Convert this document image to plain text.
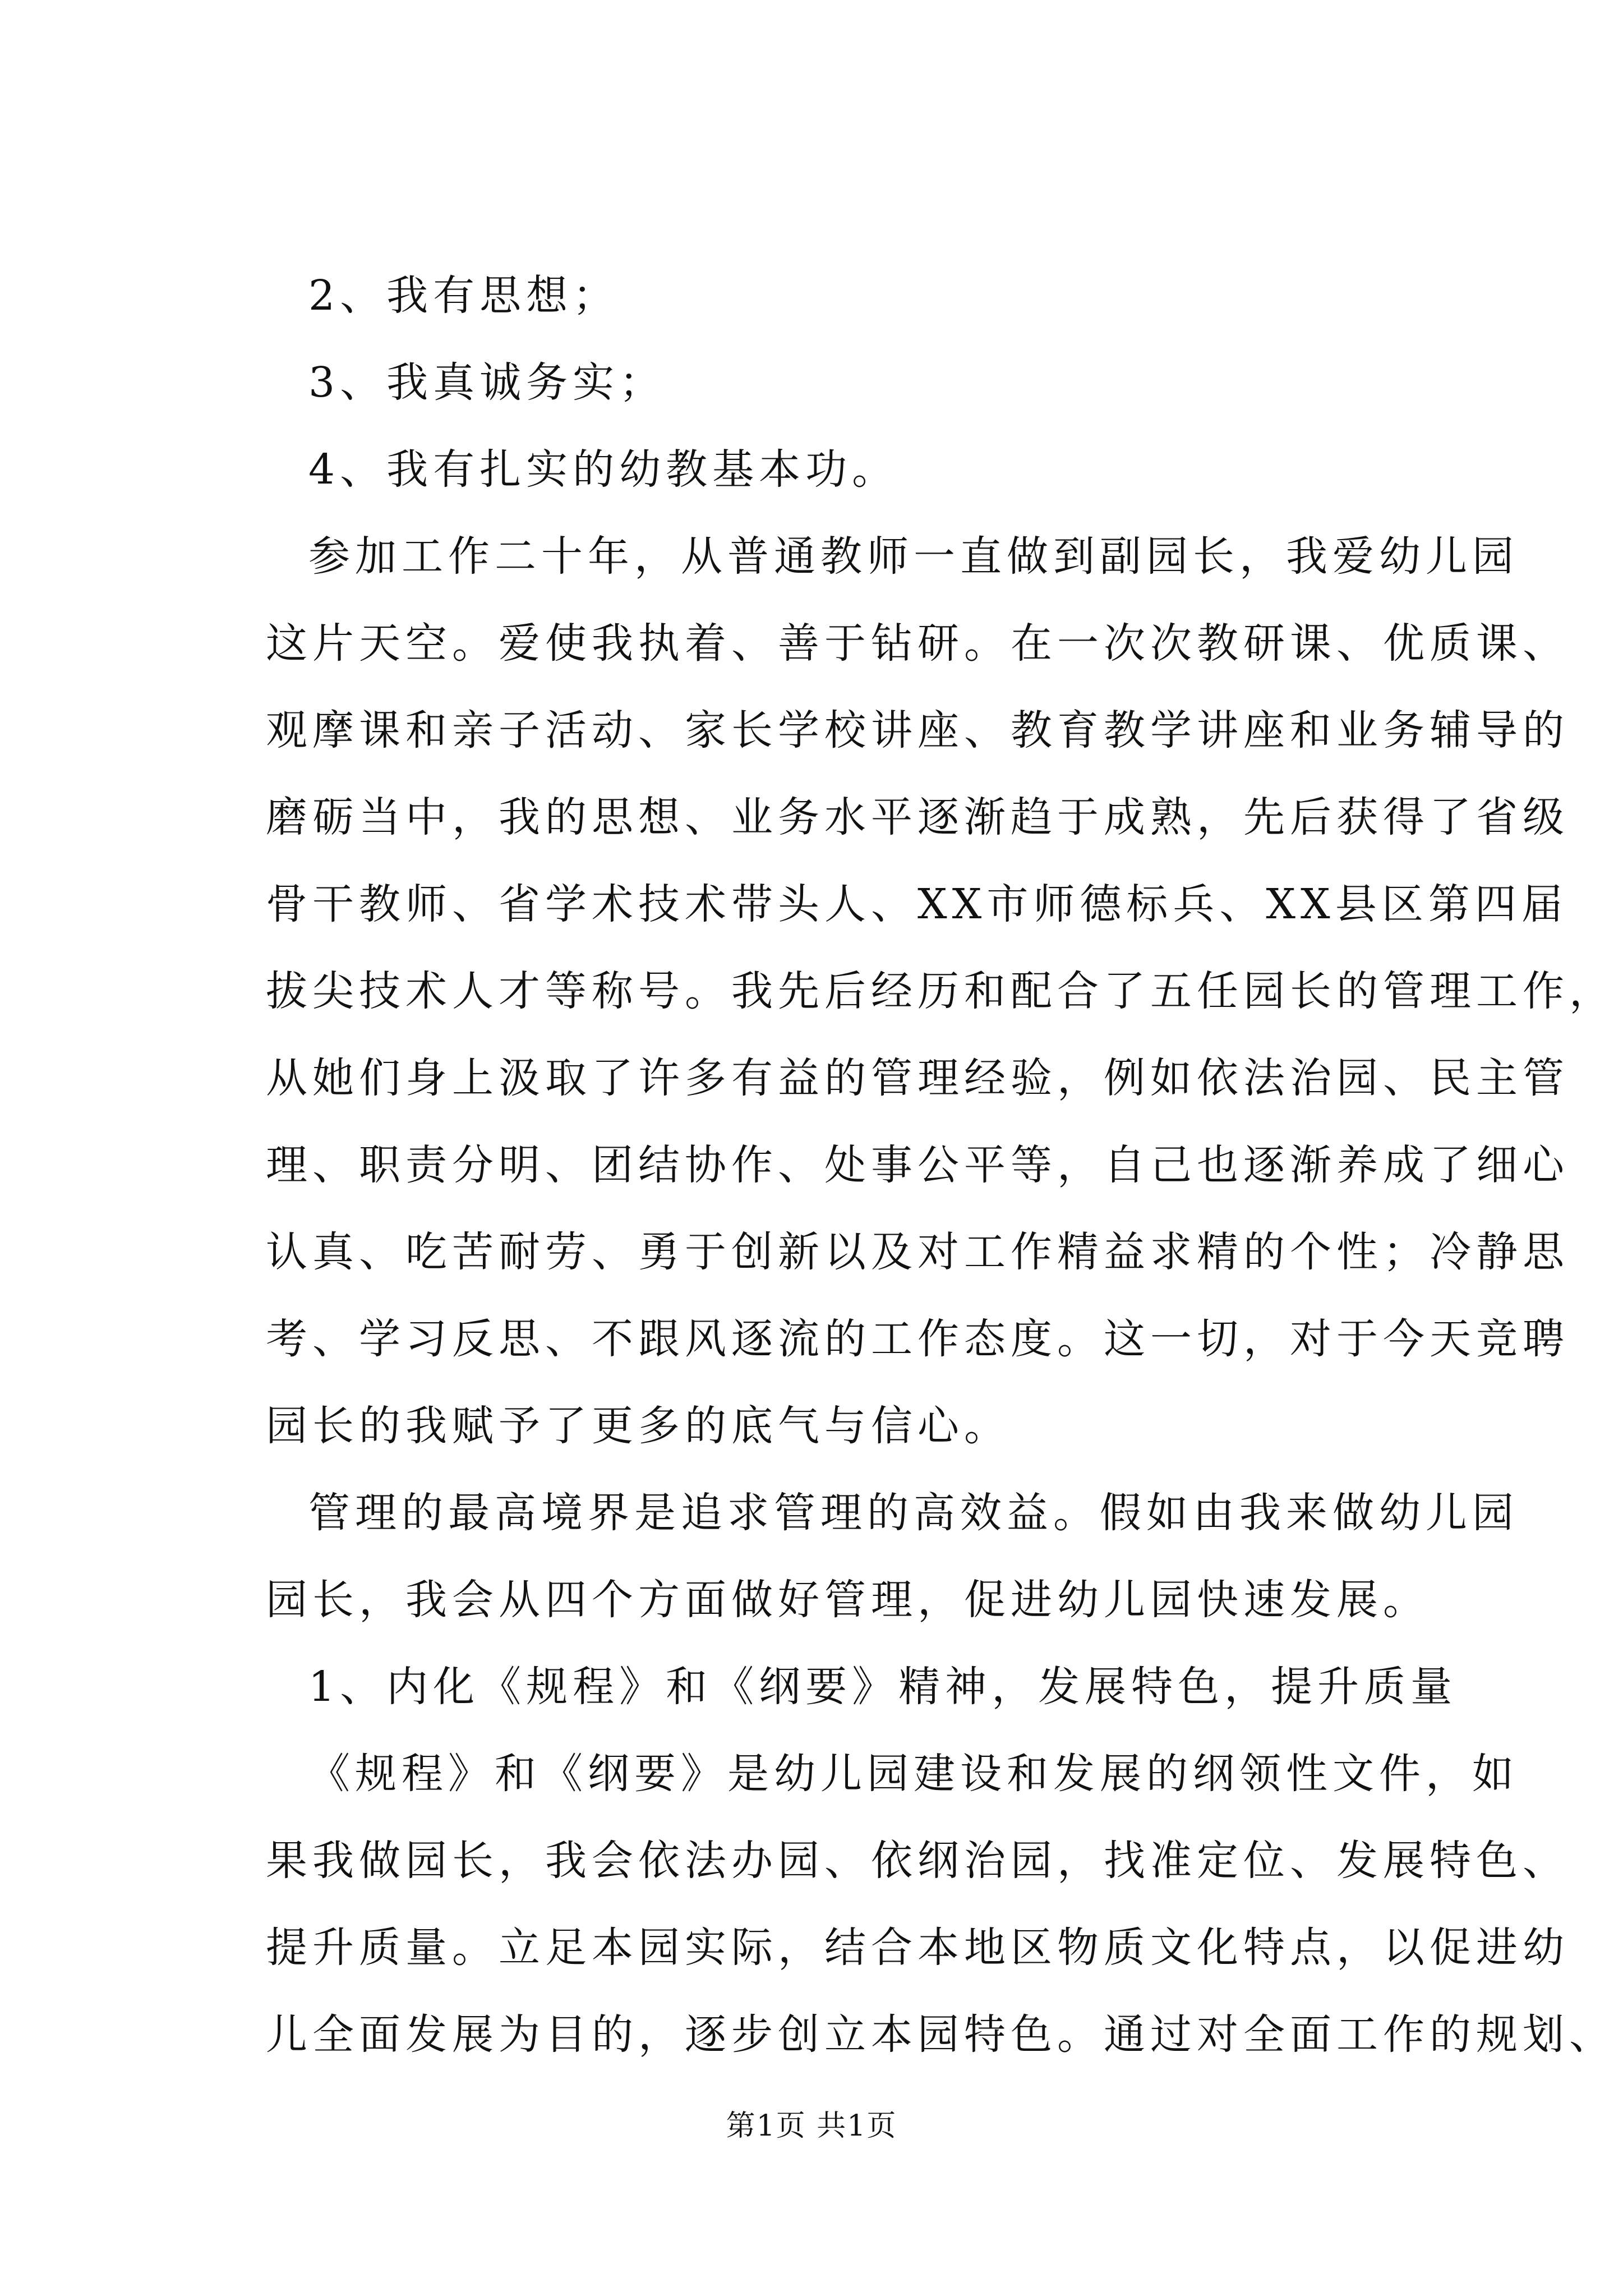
2、我有思想；
3、我真诚务实；
4、我有扎实的幼教基本功。
参加工作二十年，从普通教师一直做到副园长，我爱幼儿园
这片天空。爱使我执着、善于钻研。在一次次教研课、优质课、
观摩课和亲子活动、家长学校讲座、教育教学讲座和业务辅导的
磨砺当中，我的思想、业务水平逐渐趋于成熟，先后获得了省级
骨干教师、省学术技术带头人、XX市师德标兵、XX县区第四届
拔尖技术人才等称号。我先后经历和配合了五任园长的管理工作，
从她们身上汲取了许多有益的管理经验，例如依法治园、民主管
理、职责分明、团结协作、处事公平等，自己也逐渐养成了细心
认真、吃苦耐劳、勇于创新以及对工作精益求精的个性；冷静思
考、学习反思、不跟风逐流的工作态度。这一切，对于今天竞聘
园长的我赋予了更多的底气与信心。
管理的最高境界是追求管理的高效益。假如由我来做幼儿园
园长，我会从四个方面做好管理，促进幼儿园快速发展。
1、内化《规程》和《纲要》精神，发展特色，提升质量
《规程》和《纲要》是幼儿园建设和发展的纲领性文件，如
果我做园长，我会依法办园、依纲治园，找准定位、发展特色、
提升质量。立足本园实际，结合本地区物质文化特点，以促进幼
儿全面发展为目的，逐步创立本园特色。通过对全面工作的规划、
第1页 共1页
